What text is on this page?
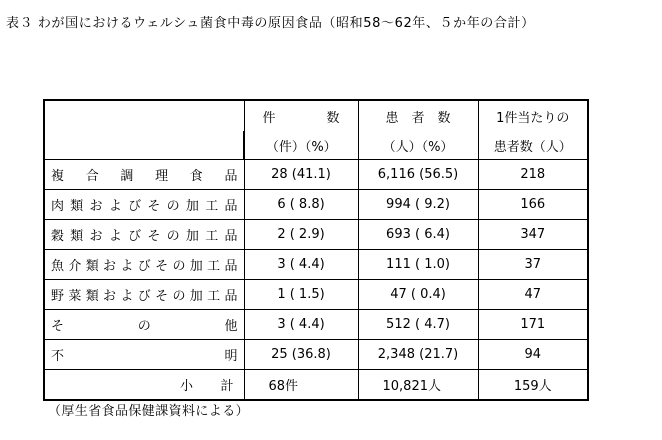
表３ わが国におけるウェルシュ菌食中毒の原因食品（昭和58〜62年、５か年の合計）
	件　　数	患　者　数	1件当たりの
	（件）（%）	（人）（%）	患者数（人）
複合調理食品	28 (41.1)	6,116 (56.5)	218
肉類およびその加工品	6 ( 8.8)	994 ( 9.2)	166
穀類およびその加工品	2 ( 2.9)	693 ( 6.4)	347
魚介類およびその加工品	3 ( 4.4)	111 ( 1.0)	37
野菜類およびその加工品	1 ( 1.5)	47 ( 0.4)	47
その他	3 ( 4.4)	512 ( 4.7)	171
不明	25 (36.8)	2,348 (21.7)	94
小計	68件	10,821人	159人
（厚生省食品保健課資料による）
